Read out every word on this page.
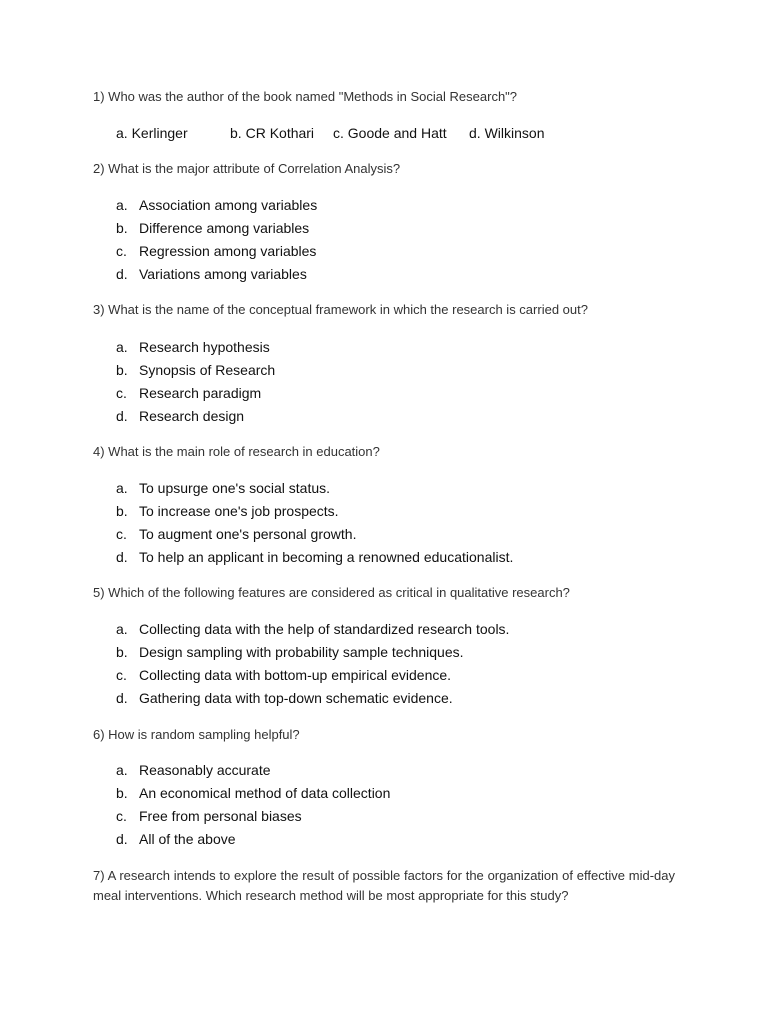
1) Who was the author of the book named "Methods in Social Research"?

a. Kerlinger	b. CR Kothari c. Goode and Hatt d. Wilkinson

2) What is the major attribute of Correlation Analysis?

a. Association among variables
b. Difference among variables
c. Regression among variables
d. Variations among variables

3) What is the name of the conceptual framework in which the research is carried out?

a. Research hypothesis
b. Synopsis of Research
c. Research paradigm
d. Research design

4) What is the main role of research in education?

a. To upsurge one's social status.
b. To increase one's job prospects.
c. To augment one's personal growth.
d. To help an applicant in becoming a renowned educationalist.

5) Which of the following features are considered as critical in qualitative research?

a. Collecting data with the help of standardized research tools.
b. Design sampling with probability sample techniques.
c. Collecting data with bottom-up empirical evidence.
d. Gathering data with top-down schematic evidence.

6) How is random sampling helpful?

a. Reasonably accurate
b. An economical method of data collection
c. Free from personal biases
d. All of the above

7) A research intends to explore the result of possible factors for the organization of effective mid-day meal interventions. Which research method will be most appropriate for this study?
